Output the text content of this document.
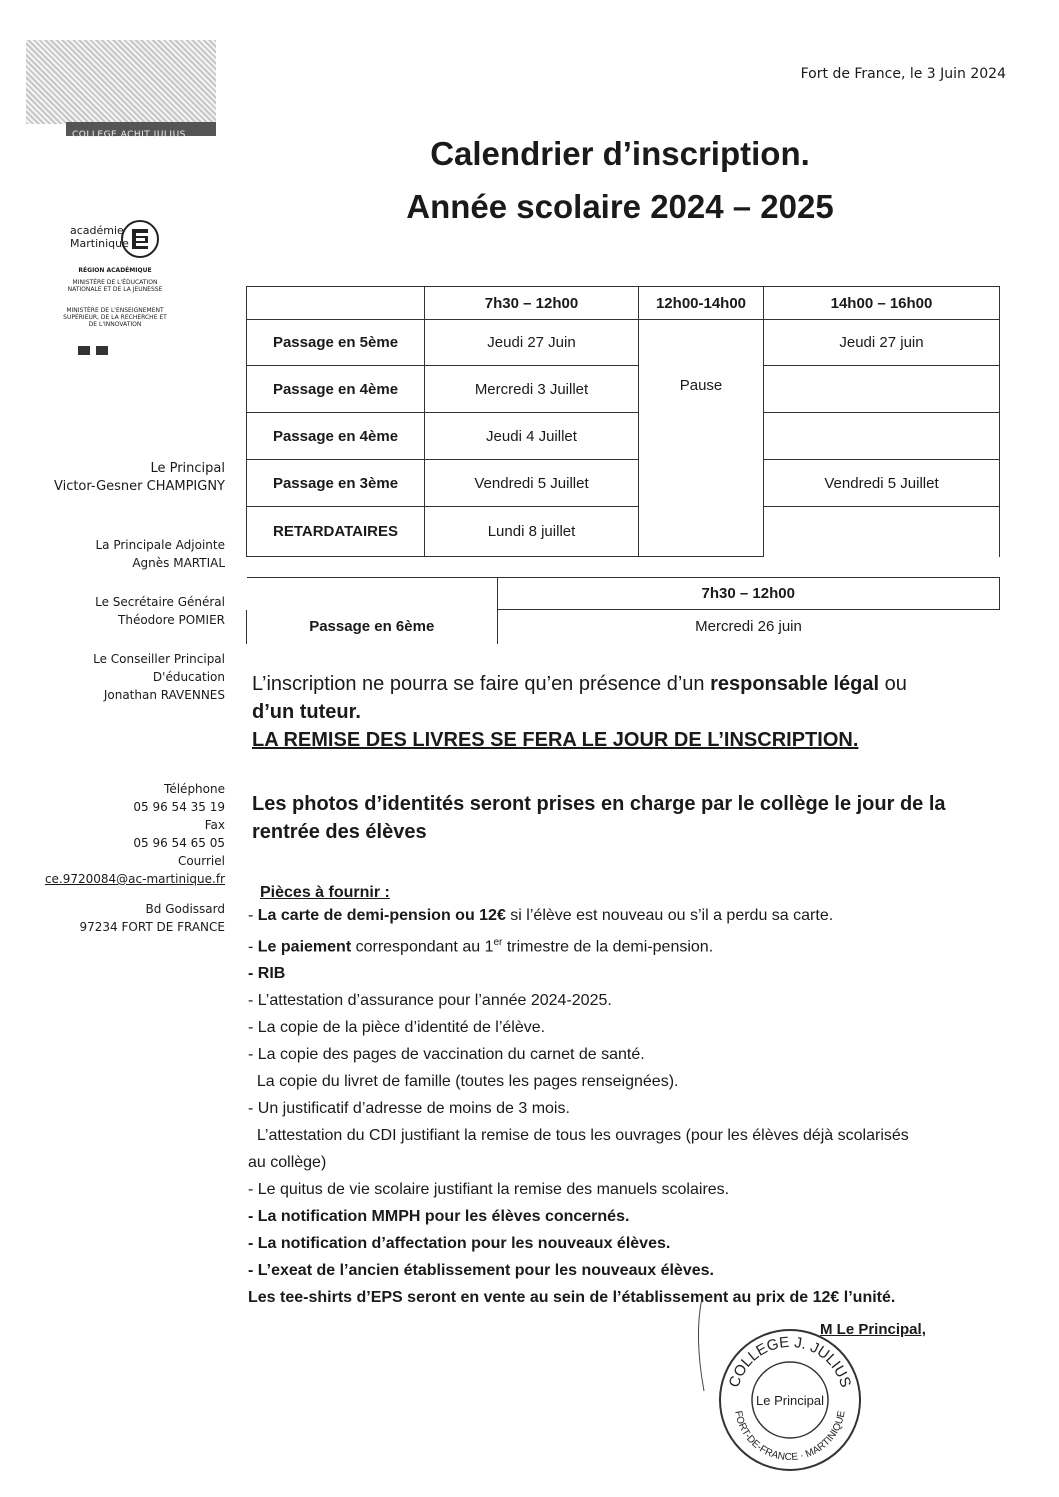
COLLEGE ACHIT JULIUS
Fort de France, le 3 Juin 2024
Calendrier d’inscription.
Année scolaire 2024 – 2025
académie
Martinique
RÉGION ACADÉMIQUE
MINISTÈRE DE L'ÉDUCATION NATIONALE ET DE LA JEUNESSE
MINISTÈRE DE L'ENSEIGNEMENT SUPÉRIEUR, DE LA RECHERCHE ET DE L'INNOVATION
Le Principal
Victor-Gesner CHAMPIGNY
La Principale Adjointe
Agnès MARTIAL
Le Secrétaire Général
Théodore POMIER
Le Conseiller Principal
D'éducation
Jonathan RAVENNES
Téléphone
05 96 54 35 19
Fax
05 96 54 65 05
Courriel
ce.9720084@ac-martinique.fr
Bd Godissard
97234 FORT DE FRANCE
	7h30 – 12h00	12h00-14h00	14h00 – 16h00
Passage en 5ème	Jeudi 27 Juin	Pause	Jeudi 27 juin
Passage en 4ème	Mercredi 3 Juillet		
Passage en 4ème	Jeudi 4 Juillet		
Passage en 3ème	Vendredi 5 Juillet		Vendredi 5 Juillet
RETARDATAIRES	Lundi 8 juillet		
	7h30 – 12h00
Passage en 6ème	Mercredi 26 juin
L’inscription ne pourra se faire qu’en présence d’un responsable légal ou
d’un tuteur.
LA REMISE DES LIVRES SE FERA LE JOUR DE L’INSCRIPTION.
Les photos d’identités seront prises en charge par le collège le jour de la
rentrée des élèves
Pièces à fournir :
- La carte de demi-pension ou 12€ si l’élève est nouveau ou s’il a perdu sa carte.
- Le paiement correspondant au 1er trimestre de la demi-pension.
- RIB
- L’attestation d’assurance pour l’année 2024-2025.
- La copie de la pièce d’identité de l’élève.
- La copie des pages de vaccination du carnet de santé.
La copie du livret de famille (toutes les pages renseignées).
- Un justificatif d’adresse de moins de 3 mois.
L’attestation du CDI justifiant la remise de tous les ouvrages (pour les élèves déjà scolarisés
au collège)
- Le quitus de vie scolaire justifiant la remise des manuels scolaires.
- La notification MMPH pour les élèves concernés.
- La notification d’affectation pour les nouveaux élèves.
- L’exeat de l’ancien établissement pour les nouveaux élèves.
Les tee-shirts d’EPS seront en vente au sein de l’établissement au prix de 12€ l’unité.
M Le Principal,
COLLEGE J. JULIUS
FORT-DE-FRANCE · MARTINIQUE
Le Principal
